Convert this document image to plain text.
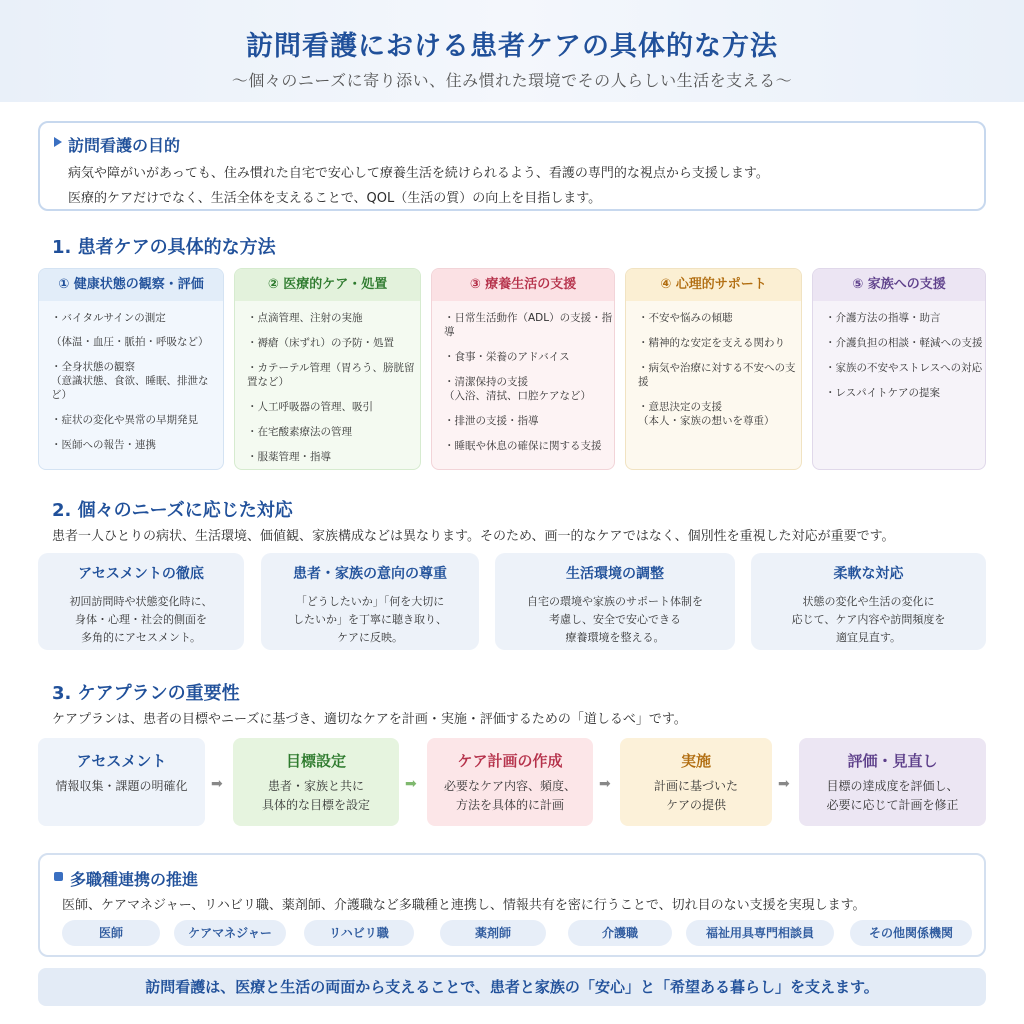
訪問看護における患者ケアの具体的な方法
〜個々のニーズに寄り添い、住み慣れた環境でその人らしい生活を支える〜
訪問看護の目的
病気や障がいがあっても、住み慣れた自宅で安心して療養生活を続けられるよう、看護の専門的な視点から支援します。
医療的ケアだけでなく、生活全体を支えることで、QOL（生活の質）の向上を目指します。
1. 患者ケアの具体的な方法
① 健康状態の観察・評価
・バイタルサインの測定
（体温・血圧・脈拍・呼吸など）
・全身状態の観察
（意識状態、食欲、睡眠、排泄など）
・症状の変化や異常の早期発見
・医師への報告・連携
② 医療的ケア・処置
・点滴管理、注射の実施
・褥瘡（床ずれ）の予防・処置
・カテーテル管理（胃ろう、膀胱留置など）
・人工呼吸器の管理、吸引
・在宅酸素療法の管理
・服薬管理・指導
③ 療養生活の支援
・日常生活動作（ADL）の支援・指導
・食事・栄養のアドバイス
・清潔保持の支援
（入浴、清拭、口腔ケアなど）
・排泄の支援・指導
・睡眠や休息の確保に関する支援
④ 心理的サポート
・不安や悩みの傾聴
・精神的な安定を支える関わり
・病気や治療に対する不安への支援
・意思決定の支援
（本人・家族の想いを尊重）
⑤ 家族への支援
・介護方法の指導・助言
・介護負担の相談・軽減への支援
・家族の不安やストレスへの対応
・レスパイトケアの提案
2. 個々のニーズに応じた対応
患者一人ひとりの病状、生活環境、価値観、家族構成などは異なります。そのため、画一的なケアではなく、個別性を重視した対応が重要です。
アセスメントの徹底
初回訪問時や状態変化時に、
身体・心理・社会的側面を
多角的にアセスメント。
患者・家族の意向の尊重
「どうしたいか」「何を大切に
したいか」を丁寧に聴き取り、
ケアに反映。
生活環境の調整
自宅の環境や家族のサポート体制を
考慮し、安全で安心できる
療養環境を整える。
柔軟な対応
状態の変化や生活の変化に
応じて、ケア内容や訪問頻度を
適宜見直す。
3. ケアプランの重要性
ケアプランは、患者の目標やニーズに基づき、適切なケアを計画・実施・評価するための「道しるべ」です。
アセスメント
情報収集・課題の明確化	➡
目標設定
患者・家族と共に
具体的な目標を設定
➡
ケア計画の作成
必要なケア内容、頻度、
方法を具体的に計画
➡
実施
計画に基づいた
ケアの提供
➡
評価・見直し
目標の達成度を評価し、
必要に応じて計画を修正
多職種連携の推進
医師、ケアマネジャー、リハビリ職、薬剤師、介護職など多職種と連携し、情報共有を密に行うことで、切れ目のない支援を実現します。
医師	ケアマネジャー	リハビリ職	薬剤師	介護職	福祉用具専門相談員	その他関係機関
訪問看護は、医療と生活の両面から支えることで、患者と家族の「安心」と「希望ある暮らし」を支えます。
